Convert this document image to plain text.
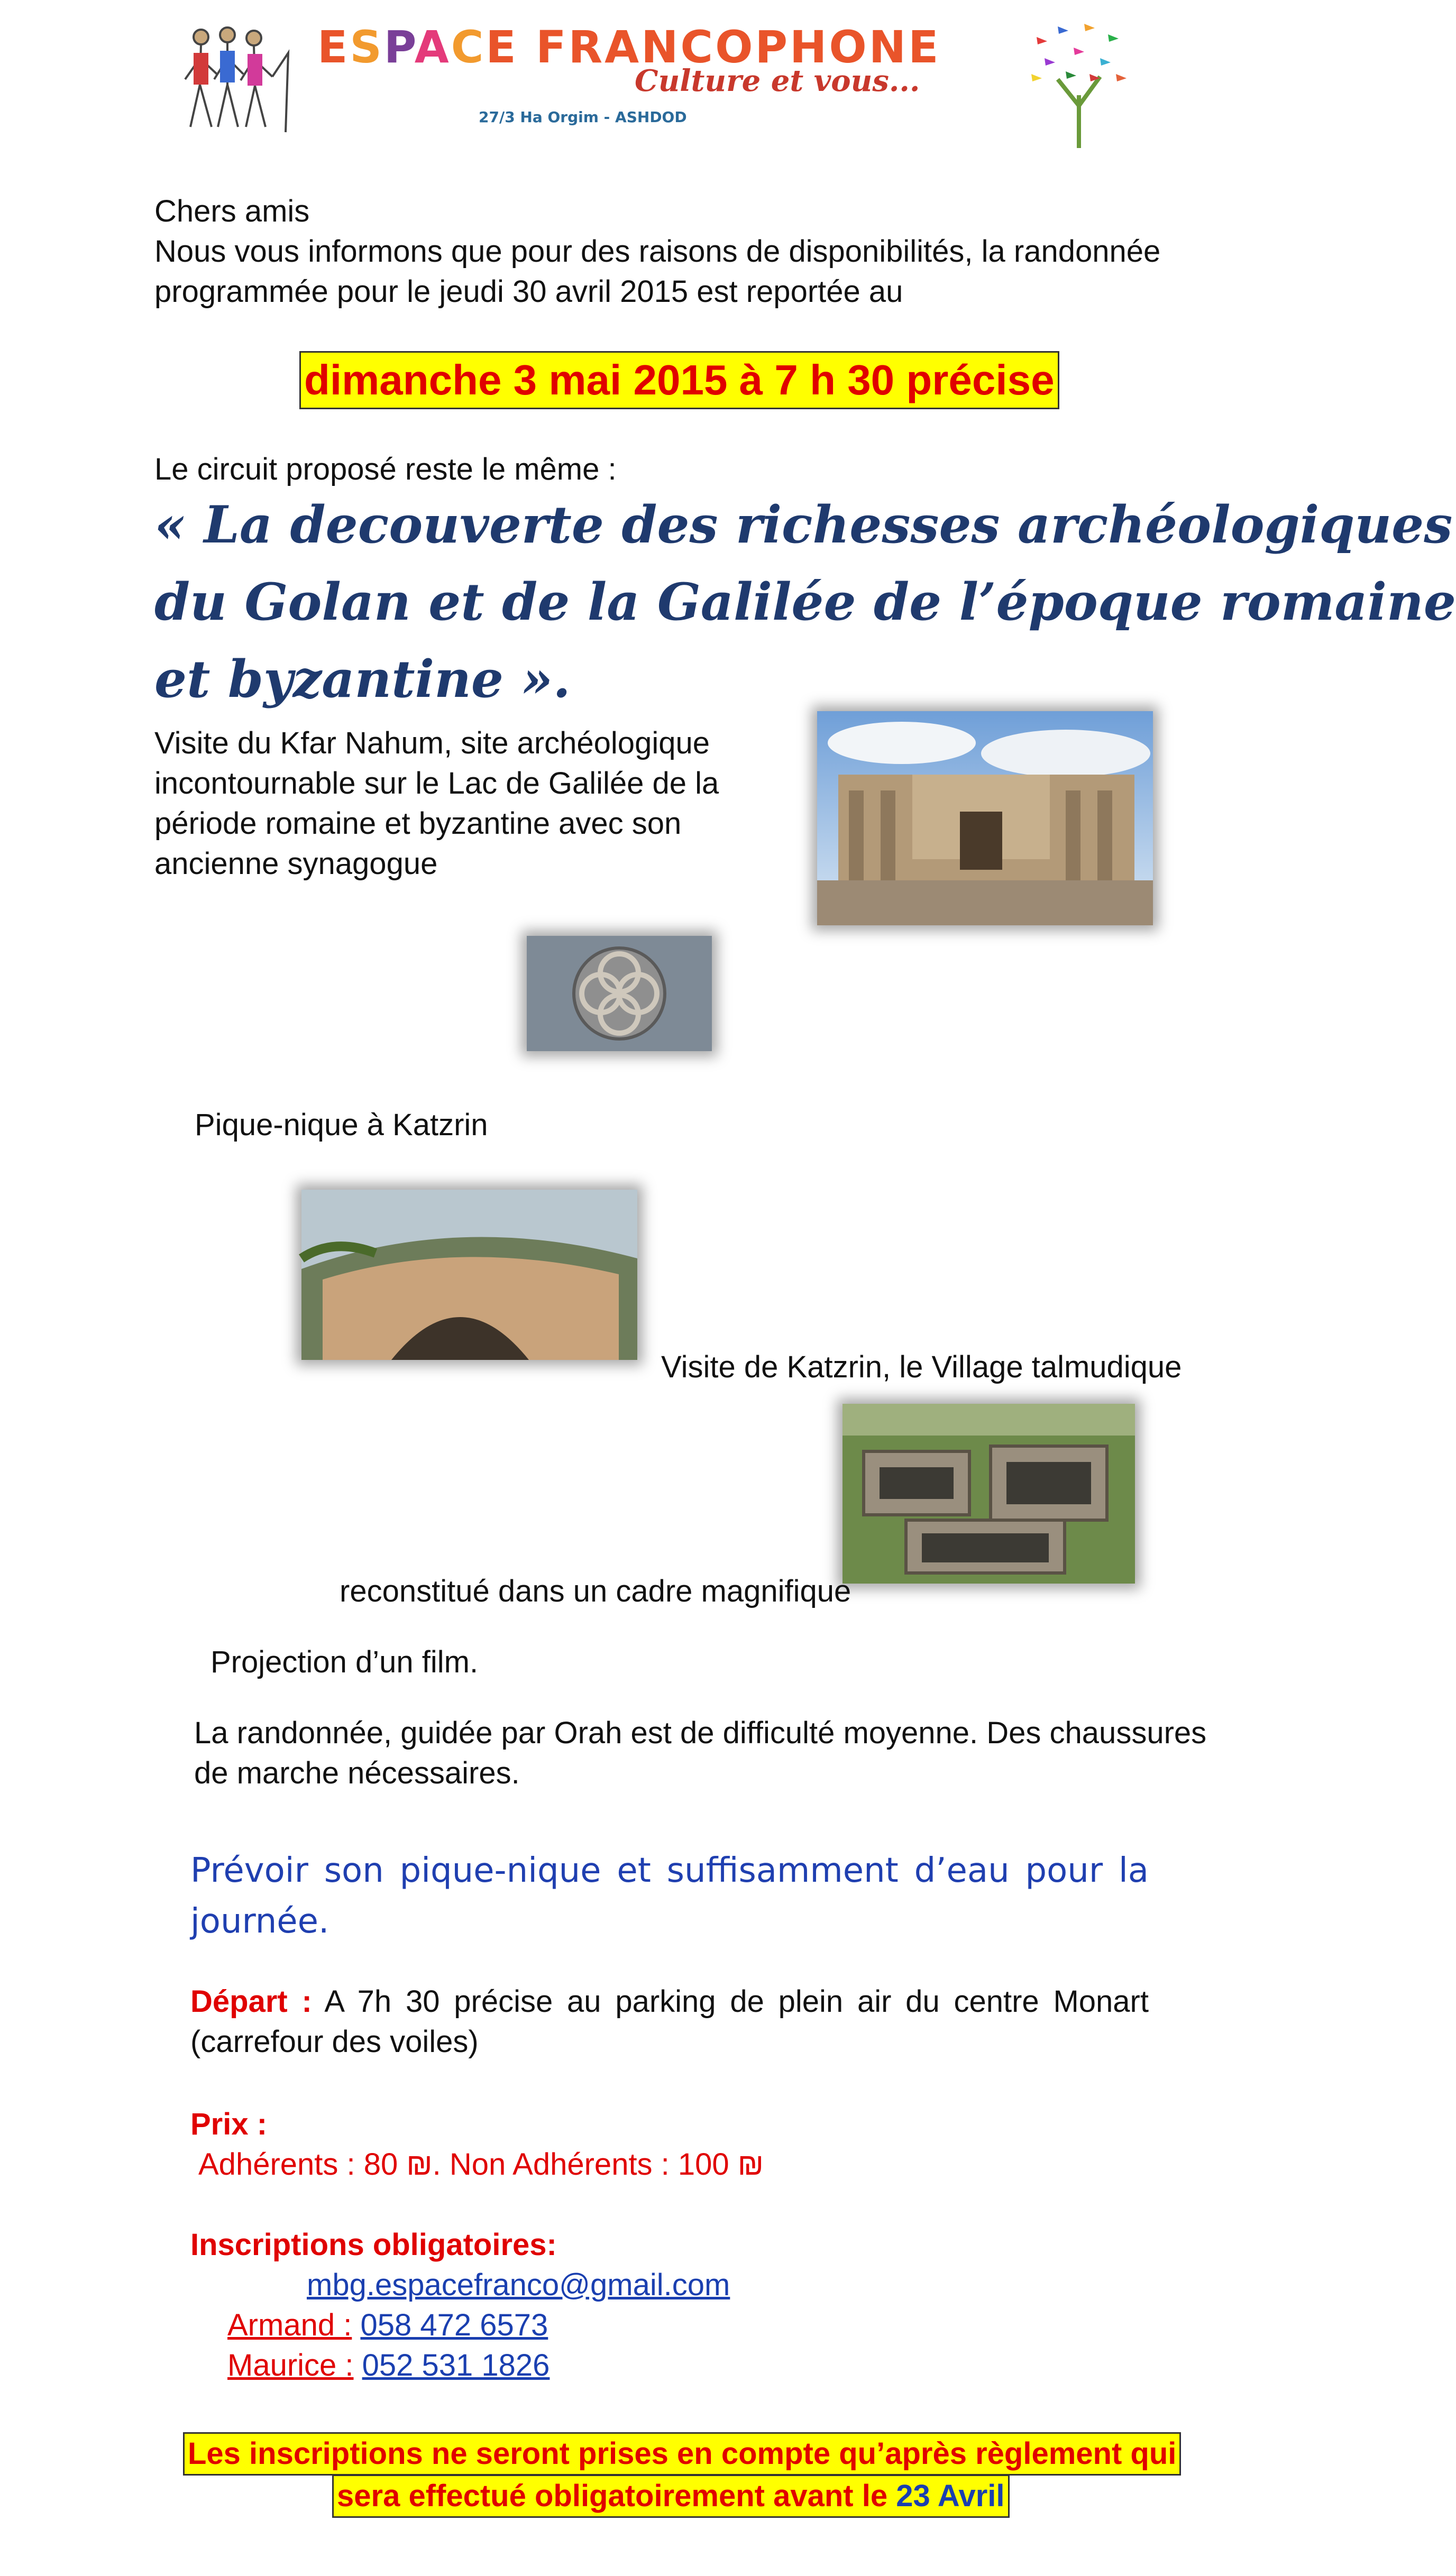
ESPACE FRANCOPHONE
Culture et vous...
27/3 Ha Orgim - ASHDOD
Chers amis
Nous vous informons que pour des raisons de disponibilités, la randonnée
programmée pour le jeudi 30 avril 2015 est reportée au
dimanche 3 mai 2015 à 7 h 30 précise
Le circuit proposé reste le même :
« La decouverte des richesses archéologiques
du Golan et de la Galilée de l’époque romaine
et byzantine ».
Visite du Kfar Nahum, site archéologique
incontournable sur le Lac de Galilée de la
période romaine et byzantine avec son
ancienne synagogue
Pique-nique à Katzrin
Visite de Katzrin, le Village talmudique
reconstitué dans un cadre magnifique
Projection d’un film.
La randonnée, guidée par Orah est de difficulté moyenne. Des chaussures
de marche nécessaires.
Prévoir son pique-nique et suffisamment d’eau pour la journée.
Départ : A 7h 30 précise au parking de plein air du centre Monart (carrefour des voiles)
Prix :
Adhérents : 80 ₪. Non Adhérents : 100 ₪
Inscriptions obligatoires:
mbg.espacefranco@gmail.com
Armand : 058 472 6573
Maurice : 052 531 1826
Les inscriptions ne seront prises en compte qu’après règlement qui
sera effectué obligatoirement avant le 23 Avril
